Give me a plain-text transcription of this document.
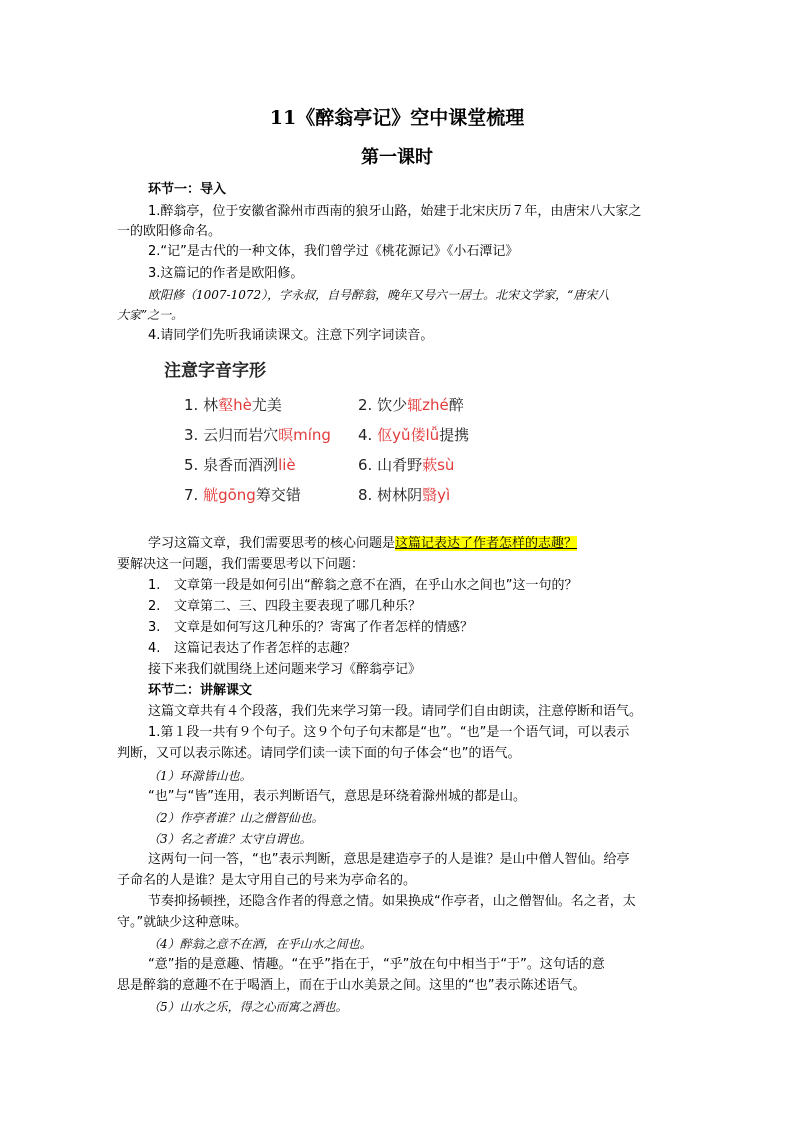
11《醉翁亭记》空中课堂梳理
第一课时
环节一：导入
1.醉翁亭，位于安徽省滁州市西南的狼牙山路，始建于北宋庆历７年，由唐宋八大家之
一的欧阳修命名。
2.“记”是古代的一种文体，我们曾学过《桃花源记》《小石潭记》
3.这篇记的作者是欧阳修。
欧阳修（1007-1072），字永叔，自号醉翁，晚年又号六一居士。北宋文学家，“唐宋八
大家”之一。
4.请同学们先听我诵读课文。注意下列字词读音。
注意字音字形
1. 林壑hè尤美	2. 饮少辄zhé醉
3. 云归而岩穴暝míng 4. 伛yǔ偻lǚ提携
5. 泉香而酒洌liè	6. 山肴野蔌sù
7. 觥gōng筹交错	8. 树林阴翳yì
学习这篇文章，我们需要思考的核心问题是这篇记表达了作者怎样的志趣？
要解决这一问题，我们需要思考以下问题：
1. 文章第一段是如何引出“醉翁之意不在酒，在乎山水之间也”这一句的？
2. 文章第二、三、四段主要表现了哪几种乐？
3. 文章是如何写这几种乐的？寄寓了作者怎样的情感？
4. 这篇记表达了作者怎样的志趣？
接下来我们就围绕上述问题来学习《醉翁亭记》
环节二：讲解课文
这篇文章共有４个段落，我们先来学习第一段。请同学们自由朗读，注意停断和语气。
1.第１段一共有９个句子。这９个句子句末都是“也”。“也”是一个语气词，可以表示
判断，又可以表示陈述。请同学们读一读下面的句子体会“也”的语气。
（1）环滁皆山也。
“也”与“皆”连用，表示判断语气，意思是环绕着滁州城的都是山。
（2）作亭者谁？山之僧智仙也。
（3）名之者谁？太守自谓也。
这两句一问一答，“也”表示判断，意思是建造亭子的人是谁？是山中僧人智仙。给亭
子命名的人是谁？是太守用自己的号来为亭命名的。
节奏抑扬顿挫，还隐含作者的得意之情。如果换成“作亭者，山之僧智仙。名之者，太
守。”就缺少这种意味。
（4）醉翁之意不在酒，在乎山水之间也。
“意”指的是意趣、情趣。“在乎”指在于，“乎”放在句中相当于“于”。这句话的意
思是醉翁的意趣不在于喝酒上，而在于山水美景之间。这里的“也”表示陈述语气。
（5）山水之乐，得之心而寓之酒也。
